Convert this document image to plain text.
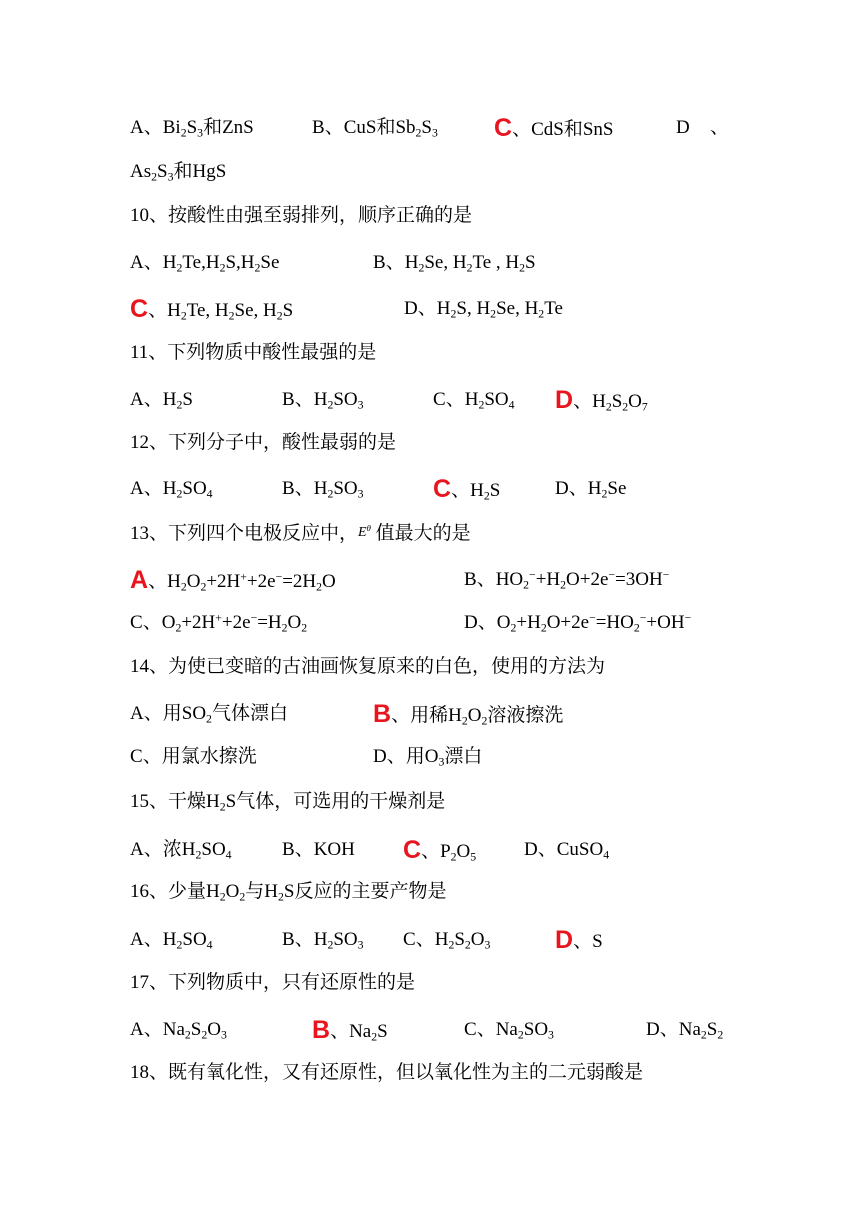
A、$Bi_2S_3$和ZnS	B、CuS和$Sb_2S_3$ C、CdS和SnS	D 、
$As_2S_3$和HgS
10、按酸性由强至弱排列，顺序正确的是
A、$H_2Te,H_2S,H_2Se$	B、$H_2Se$, $H_2Te$ , $H_2S$
C、$H_2Te$, $H_2Se$, $H_2S$	D、$H_2S$, $H_2Se$, $H_2Te$
11、下列物质中酸性最强的是
A、$H_2S$	B、$H_2SO_3$	C、$H_2SO_4$ D、$H_2S_2O_7$
12、下列分子中，酸性最弱的是
A、$H_2SO_4$	B、$H_2SO_3$	C、$H_2S$	D、$H_2Se$
13、下列四个电极反应中，$E^\theta$ 值最大的是
A、$H_2O_2+2H^++2e^-=2H_2O$	B、$HO_2^-+H_2O+2e^-=3OH^-$
C、$O_2+2H^++2e^-=H_2O_2$	D、$O_2+H_2O+2e^-=HO_2^-+OH^-$
14、为使已变暗的古油画恢复原来的白色，使用的方法为
A、用$SO_2$气体漂白	B、用稀$H_2O_2$溶液擦洗
C、用氯水擦洗	D、用$O_3$漂白
15、干燥$H_2S$气体，可选用的干燥剂是
A、浓$H_2SO_4$	B、KOH C、$P_2O_5$	D、CuSO$_4$
16、少量$H_2O_2$与$H_2S$反应的主要产物是
A、$H_2SO_4$	B、$H_2SO_3$ C、$H_2S_2O_3$	D、S
17、下列物质中，只有还原性的是
A、$Na_2S_2O_3$	B、$Na_2S$	C、$Na_2SO_3$	D、$Na_2S_2$
18、既有氧化性，又有还原性，但以氧化性为主的二元弱酸是
